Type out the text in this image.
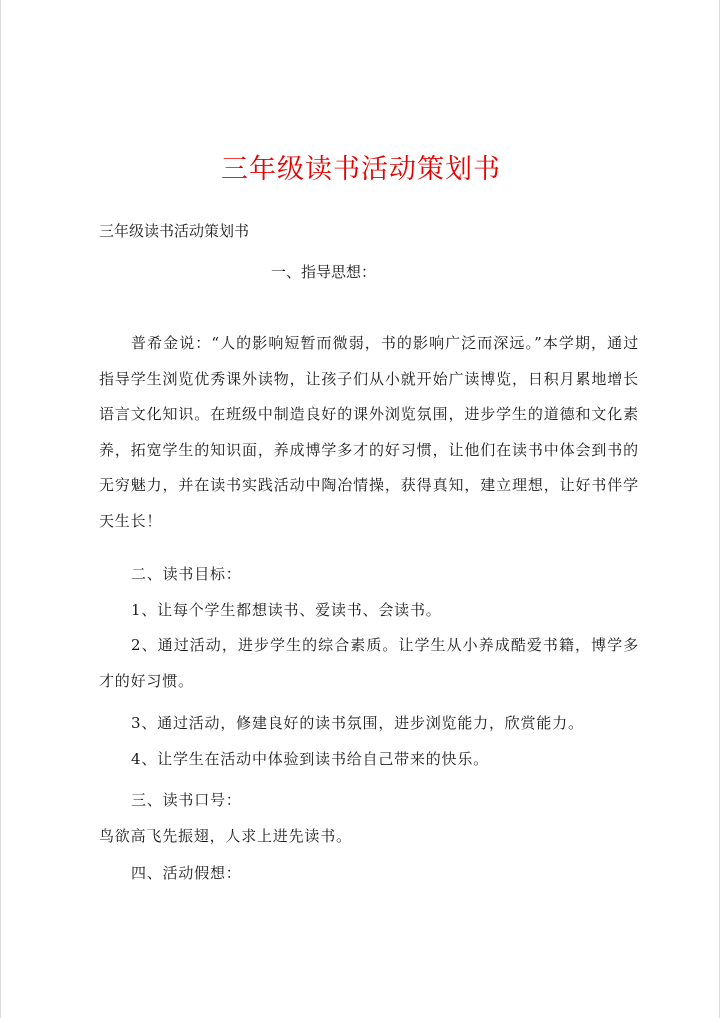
三年级读书活动策划书
三年级读书活动策划书
一、指导思想：
普希金说：“人的影响短暂而微弱，书的影响广泛而深远。”本学期，通过指导学生浏览优秀课外读物，让孩子们从小就开始广读博览，日积月累地增长语言文化知识。在班级中制造良好的课外浏览氛围，进步学生的道德和文化素养，拓宽学生的知识面，养成博学多才的好习惯，让他们在读书中体会到书的无穷魅力，并在读书实践活动中陶冶情操，获得真知，建立理想，让好书伴学天生长！
二、读书目标：
1、让每个学生都想读书、爱读书、会读书。
2、通过活动，进步学生的综合素质。让学生从小养成酷爱书籍，博学多才的好习惯。
3、通过活动，修建良好的读书氛围，进步浏览能力，欣赏能力。
4、让学生在活动中体验到读书给自己带来的快乐。
三、读书口号：
鸟欲高飞先振翅，人求上进先读书。
四、活动假想：
